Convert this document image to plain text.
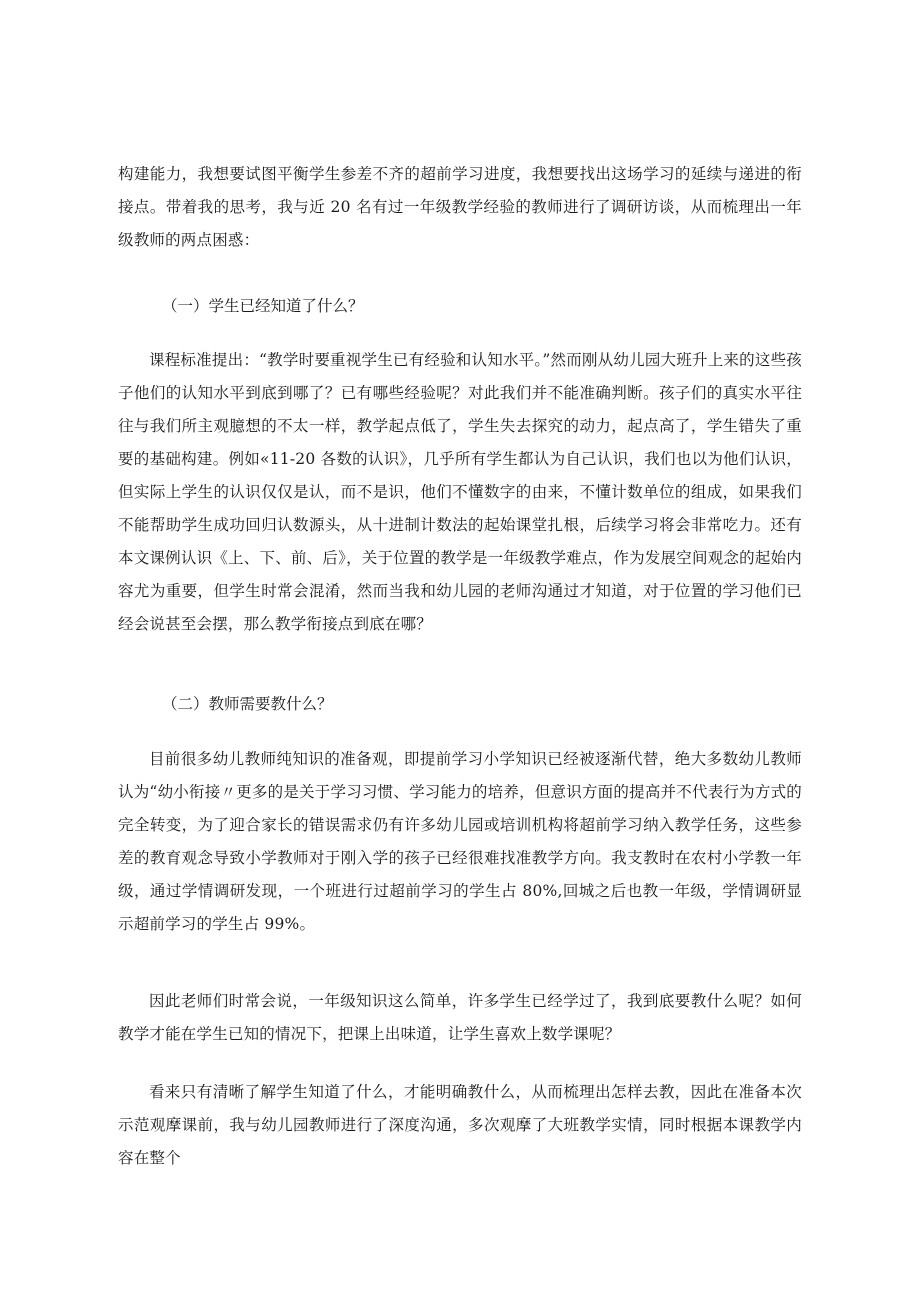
构建能力，我想要试图平衡学生参差不齐的超前学习进度，我想要找出这场学习的延续与递进的衔接点。带着我的思考，我与近 20 名有过一年级教学经验的教师进行了调研访谈，从而梳理出一年级教师的两点困惑：

（一）学生已经知道了什么？

课程标准提出：“教学时要重视学生已有经验和认知水平。”然而刚从幼儿园大班升上来的这些孩子他们的认知水平到底到哪了？已有哪些经验呢？对此我们并不能准确判断。孩子们的真实水平往往与我们所主观臆想的不太一样，教学起点低了，学生失去探究的动力，起点高了，学生错失了重要的基础构建。例如«11-20 各数的认识》，几乎所有学生都认为自己认识，我们也以为他们认识，但实际上学生的认识仅仅是认，而不是识，他们不懂数字的由来，不懂计数单位的组成，如果我们不能帮助学生成功回归认数源头，从十进制计数法的起始课堂扎根，后续学习将会非常吃力。还有本文课例认识《上、下、前、后》，关于位置的教学是一年级教学难点，作为发展空间观念的起始内容尤为重要，但学生时常会混淆，然而当我和幼儿园的老师沟通过才知道，对于位置的学习他们已经会说甚至会摆，那么教学衔接点到底在哪？

（二）教师需要教什么？

目前很多幼儿教师纯知识的准备观，即提前学习小学知识已经被逐渐代替，绝大多数幼儿教师认为“幼小衔接〃更多的是关于学习习惯、学习能力的培养，但意识方面的提高并不代表行为方式的完全转变，为了迎合家长的错误需求仍有许多幼儿园或培训机构将超前学习纳入教学任务，这些参差的教育观念导致小学教师对于刚入学的孩子已经很难找准教学方向。我支教时在农村小学教一年级，通过学情调研发现，一个班进行过超前学习的学生占 80%,回城之后也教一年级，学情调研显示超前学习的学生占 99%。

因此老师们时常会说，一年级知识这么简单，许多学生已经学过了，我到底要教什么呢？如何教学才能在学生已知的情况下，把课上出味道，让学生喜欢上数学课呢？

看来只有清晰了解学生知道了什么，才能明确教什么，从而梳理出怎样去教，因此在准备本次示范观摩课前，我与幼儿园教师进行了深度沟通，多次观摩了大班教学实情，同时根据本课教学内容在整个
